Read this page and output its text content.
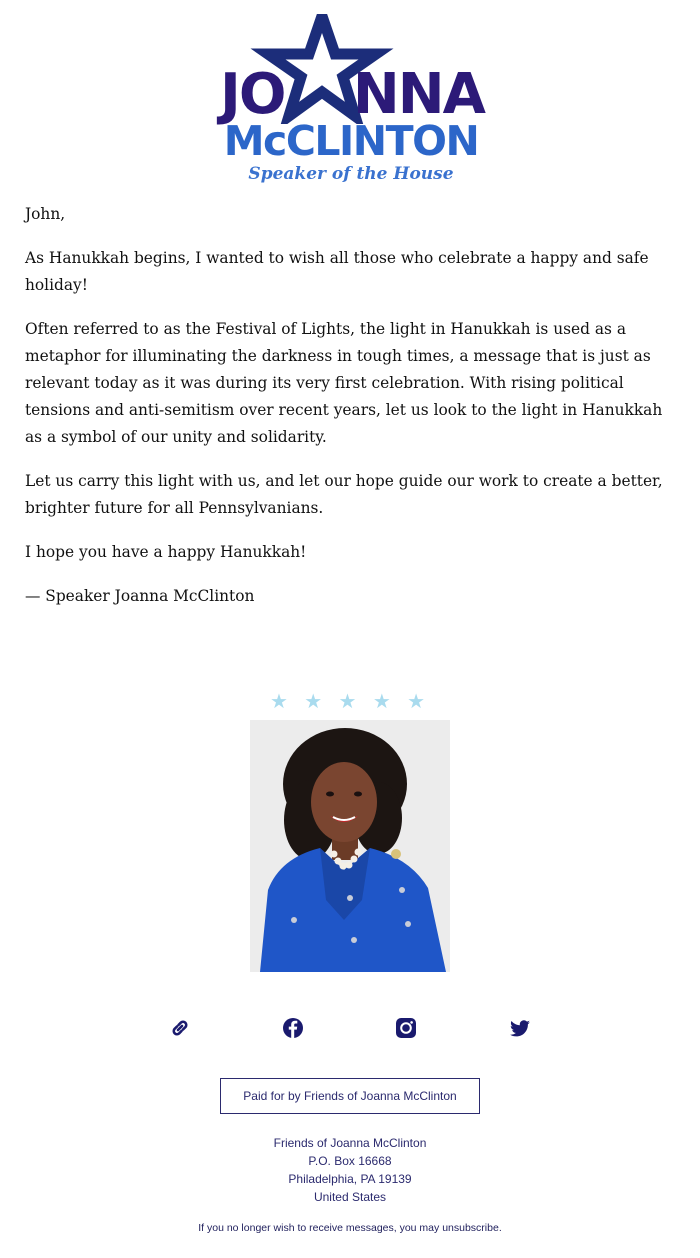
JO NNA
McCLINTON
Speaker of the House

John,

As Hanukkah begins, I wanted to wish all those who celebrate a happy and safe holiday!

Often referred to as the Festival of Lights, the light in Hanukkah is used as a metaphor for illuminating the darkness in tough times, a message that is just as relevant today as it was during its very first celebration. With rising political tensions and anti-semitism over recent years, let us look to the light in Hanukkah as a symbol of our unity and solidarity.

Let us carry this light with us, and let our hope guide our work to create a better, brighter future for all Pennsylvanians.

I hope you have a happy Hanukkah!

— Speaker Joanna McClinton

★ ★ ★ ★ ★
Paid for by Friends of Joanna McClinton
Friends of Joanna McClinton
P.O. Box 16668
Philadelphia, PA 19139
United States
If you no longer wish to receive messages, you may unsubscribe.
